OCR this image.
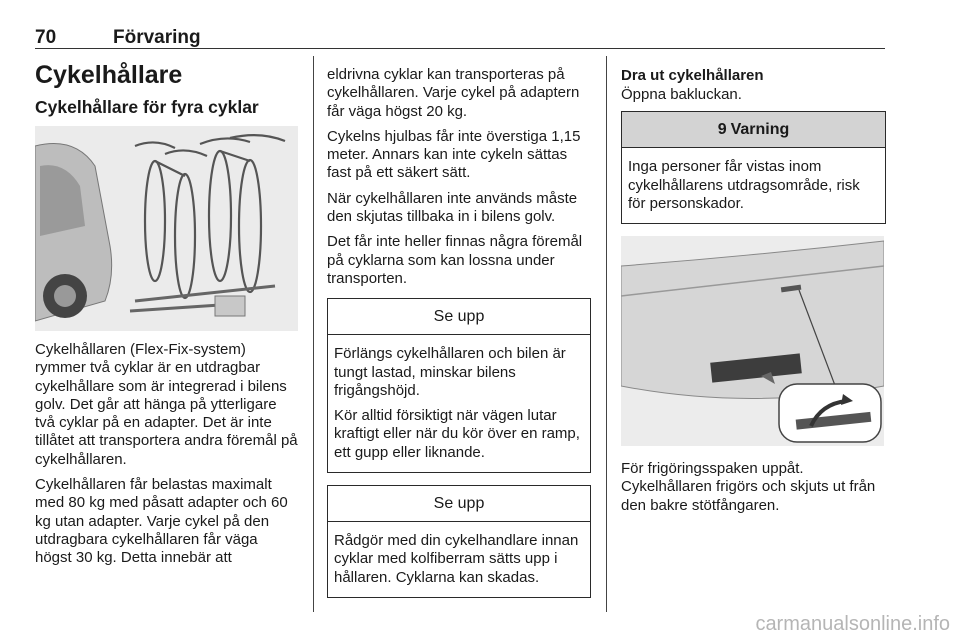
70	Förvaring
Cykelhållare
Cykelhållare för fyra cyklar

Cykelhållaren (Flex-Fix-system) rymmer två cyklar är en utdragbar cykelhållare som är integrerad i bilens golv. Det går att hänga på ytterligare två cyklar på en adapter. Det är inte tillåtet att transportera andra föremål på cykelhållaren.

Cykelhållaren får belastas maximalt med 80 kg med påsatt adapter och 60 kg utan adapter. Varje cykel på den utdragbara cykelhållaren får väga högst 30 kg. Detta innebär att

eldrivna cyklar kan transporteras på cykelhållaren. Varje cykel på adaptern får väga högst 20 kg.

Cykelns hjulbas får inte överstiga 1,15 meter. Annars kan inte cykeln sättas fast på ett säkert sätt.

När cykelhållaren inte används måste den skjutas tillbaka in i bilens golv.

Det får inte heller finnas några föremål på cyklarna som kan lossna under transporten.

Se upp

Förlängs cykelhållaren och bilen är tungt lastad, minskar bilens frigångshöjd.

Kör alltid försiktigt när vägen lutar kraftigt eller när du kör över en ramp, ett gupp eller liknande.

Se upp

Rådgör med din cykelhandlare innan cyklar med kolfiberram sätts upp i hållaren. Cyklarna kan skadas.

Dra ut cykelhållaren

Öppna bakluckan.

9 Varning

Inga personer får vistas inom cykelhållarens utdragsområde, risk för personskador.

För frigöringsspaken uppåt. Cykelhållaren frigörs och skjuts ut från den bakre stötfångaren.

carmanualsonline.info
